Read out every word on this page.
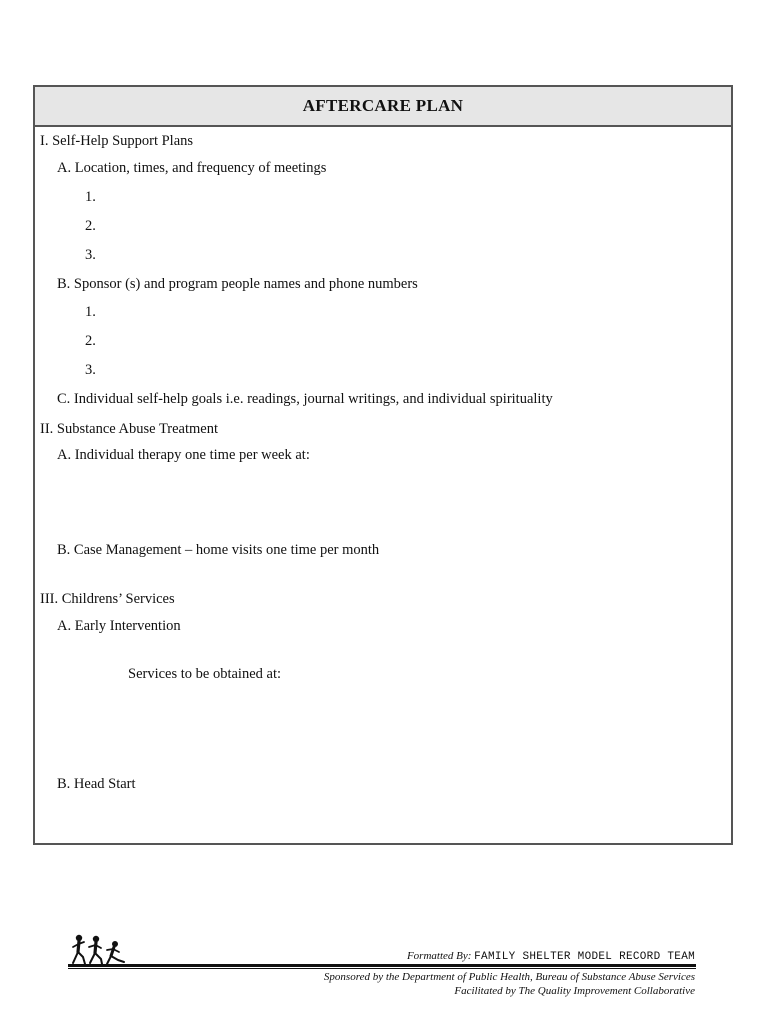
AFTERCARE PLAN
I. Self-Help Support Plans
A. Location, times, and frequency of meetings
1.
2.
3.
B. Sponsor (s) and program people names and phone numbers
1.
2.
3.
C. Individual self-help goals i.e. readings, journal writings, and individual spirituality
II. Substance Abuse Treatment
A. Individual therapy one time per week at:
B. Case Management – home visits one time per month
III. Childrens’ Services
A. Early Intervention
Services to be obtained at:
B. Head Start
Formatted By: FAMILY SHELTER MODEL RECORD TEAM
Sponsored by the Department of Public Health, Bureau of Substance Abuse Services
Facilitated by The Quality Improvement Collaborative
